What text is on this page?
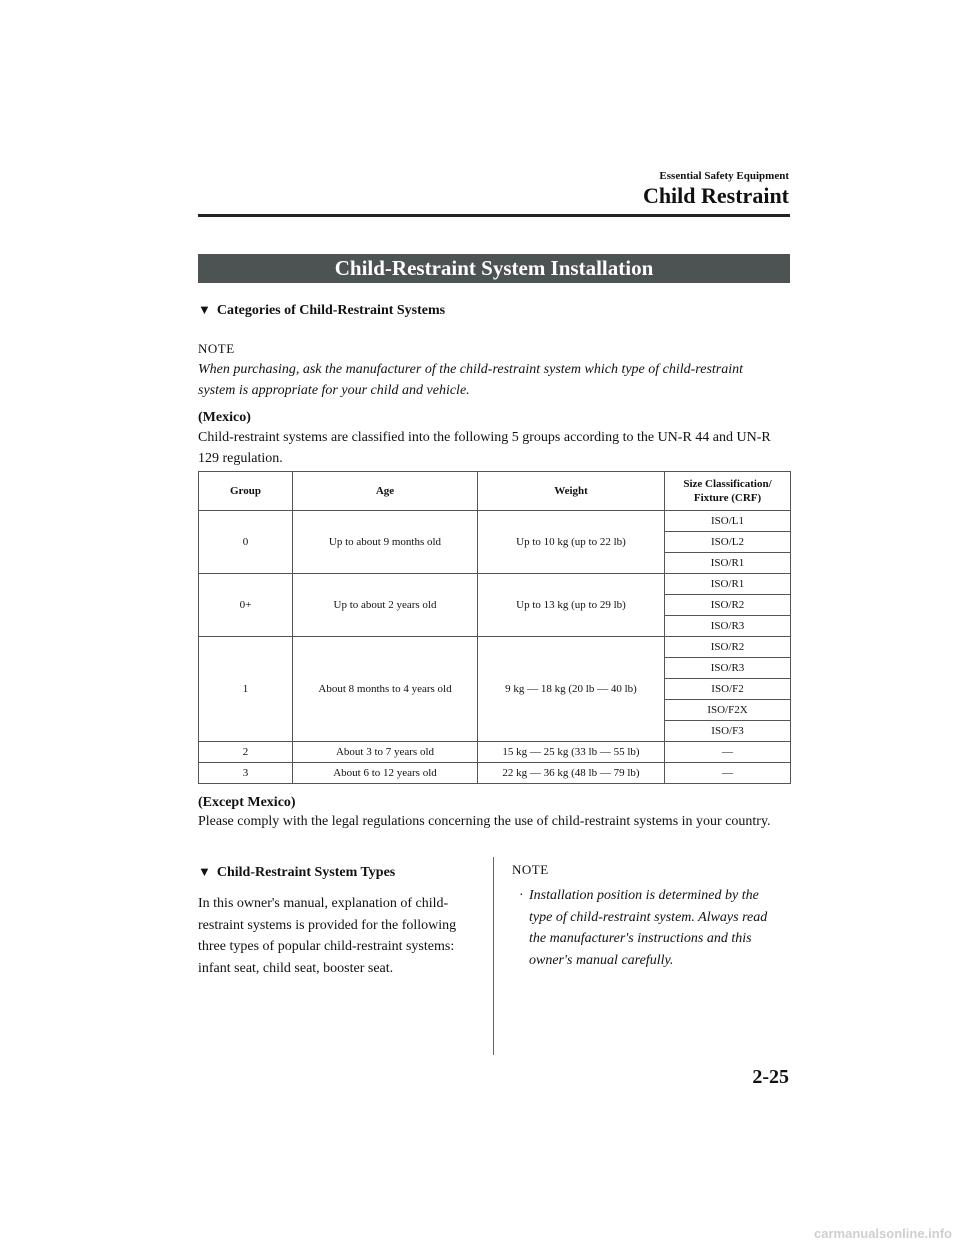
Essential Safety Equipment
Child Restraint
Child-Restraint System Installation
▼ Categories of Child-Restraint Systems
NOTE
When purchasing, ask the manufacturer of the child-restraint system which type of child-restraint system is appropriate for your child and vehicle.
(Mexico)
Child-restraint systems are classified into the following 5 groups according to the UN-R 44 and UN-R 129 regulation.
Group	Age	Weight	Size Classification/ Fixture (CRF)
0	Up to about 9 months old	Up to 10 kg (up to 22 lb)	ISO/L1
			ISO/L2
			ISO/R1
0+	Up to about 2 years old	Up to 13 kg (up to 29 lb)	ISO/R1
			ISO/R2
			ISO/R3
1	About 8 months to 4 years old	9 kg — 18 kg (20 lb — 40 lb)	ISO/R2
			ISO/R3
			ISO/F2
			ISO/F2X
			ISO/F3
2	About 3 to 7 years old	15 kg — 25 kg (33 lb — 55 lb)	—
3	About 6 to 12 years old	22 kg — 36 kg (48 lb — 79 lb)	—
(Except Mexico)
Please comply with the legal regulations concerning the use of child-restraint systems in your country.
▼ Child-Restraint System Types
In this owner's manual, explanation of child-restraint systems is provided for the following three types of popular child-restraint systems: infant seat, child seat, booster seat.
NOTE
· Installation position is determined by the type of child-restraint system. Always read the manufacturer's instructions and this owner's manual carefully.
2-25
carmanualsonline.info
